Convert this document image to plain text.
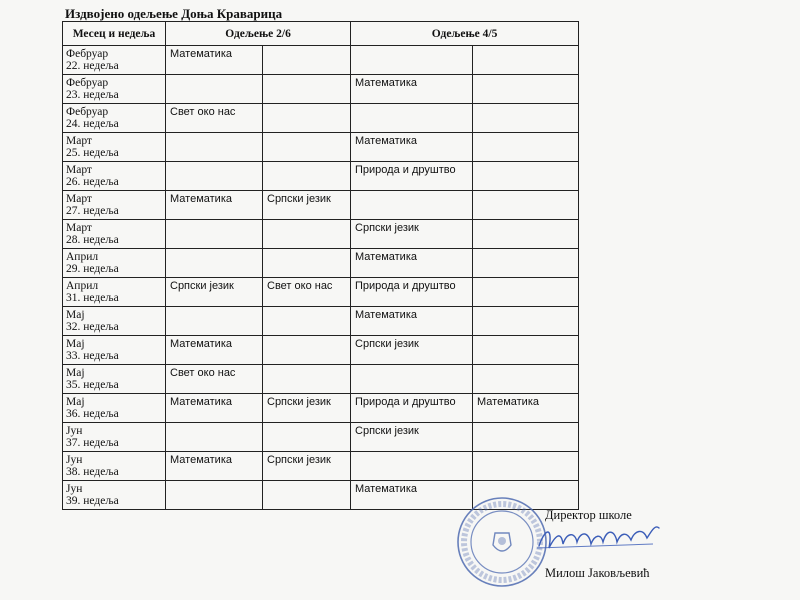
Издвојено одељење Доња Краварица
Месец и недеља	Одељење 2/6		Одељење 4/5	

Фебруар
22. недеља	Математика			

Фебруар
23. недеља			Математика	

Фебруар
24. недеља	Свет око нас			

Март
25. недеља			Математика	

Март
26. недеља			Природа и друштво	

Март
27. недеља	Математика	Српски језик		

Март
28. недеља			Српски језик	

Април
29. недеља			Математика	

Април
31. недеља	Српски језик	Свет око нас	Природа и друштво	

Мај
32. недеља			Математика	

Мај
33. недеља	Математика		Српски језик	

Мај
35. недеља	Свет око нас			

Мај
36. недеља	Математика	Српски језик	Природа и друштво	Математика

Јун
37. недеља			Српски језик	

Јун
38. недеља	Математика	Српски језик		

Јун
39. недеља			Математика	

Директор школе
Милош Јаковљевић
